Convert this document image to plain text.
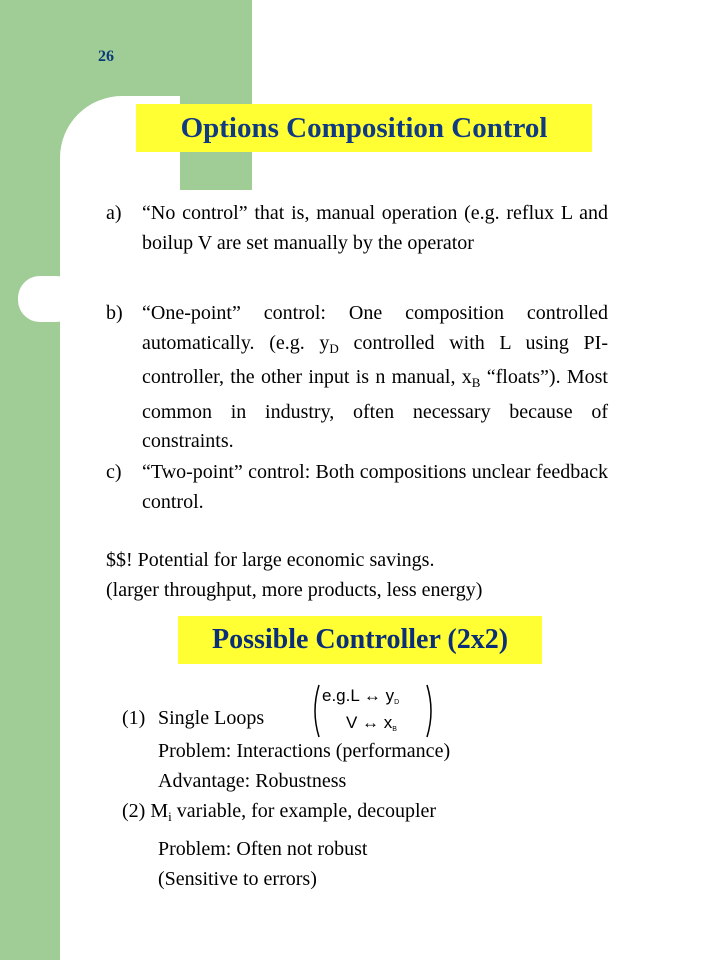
26
Options Composition Control
a) “No control” that is, manual operation (e.g. reflux L and boilup V are set manually by the operator
b) “One-point” control: One composition controlled automatically. (e.g. $y_D$ controlled with L using PI-controller, the other input is n manual, $x_B$ “floats”). Most common in industry, often necessary because of constraints.
c) “Two-point” control: Both compositions unclear feedback control.
$$! Potential for large economic savings.
(larger throughput, more products, less energy)
Possible Controller (2x2)
(1) Single Loops
e.g.L ↔ yD
V ↔ xB
Problem: Interactions (performance)
Advantage: Robustness
(2) $M_i$ variable, for example, decoupler
Problem: Often not robust
(Sensitive to errors)
